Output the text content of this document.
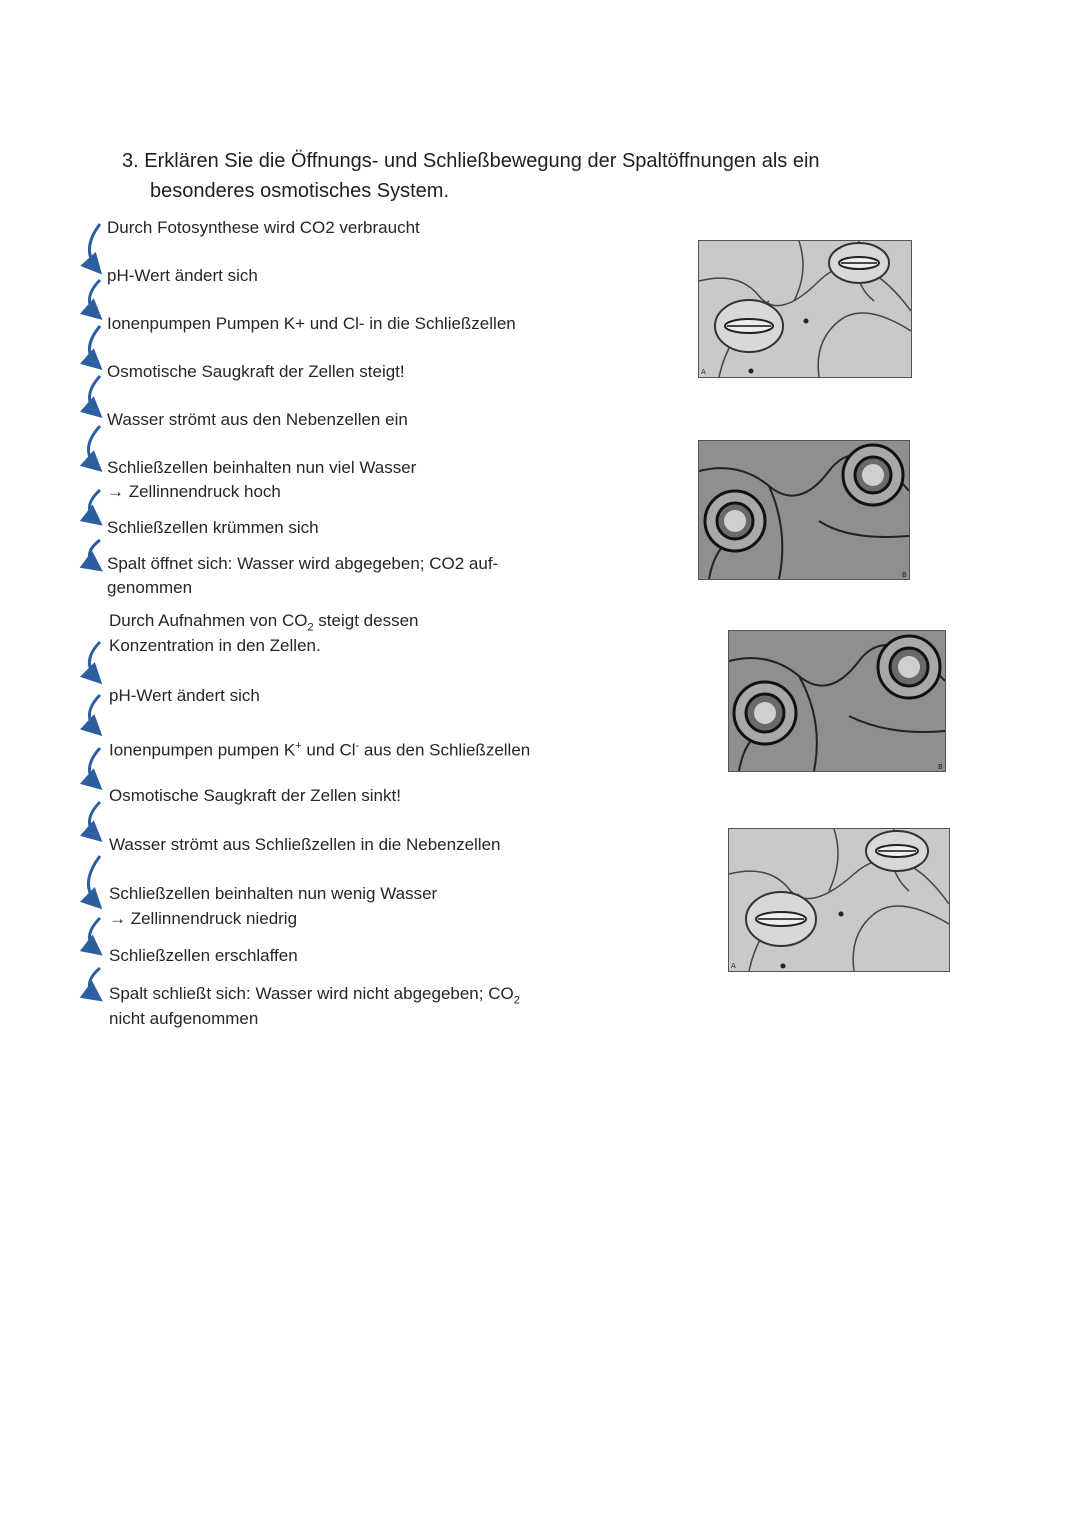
3. Erklären Sie die Öffnungs- und Schließbewegung der Spaltöffnungen als ein
besonderes osmotisches System.
Durch Fotosynthese wird CO2 verbraucht
pH-Wert ändert sich
Ionenpumpen Pumpen K+ und Cl- in die Schließzellen
Osmotische Saugkraft der Zellen steigt!
Wasser strömt aus den Nebenzellen ein
Schließzellen beinhalten nun viel Wasser
→ Zellinnendruck hoch
Schließzellen krümmen sich
Spalt öffnet sich: Wasser wird abgegeben; CO2 auf-
genommen
Durch Aufnahmen von $CO_2$ steigt dessen
Konzentration in den Zellen.
pH-Wert ändert sich
Ionenpumpen pumpen K+ und Cl- aus den Schließzellen
Osmotische Saugkraft der Zellen sinkt!
Wasser strömt aus Schließzellen in die Nebenzellen
Schließzellen beinhalten nun wenig Wasser
→ Zellinnendruck niedrig
Schließzellen erschlaffen
Spalt schließt sich: Wasser wird nicht abgegeben; $CO_2$
nicht aufgenommen
A
B
B
A
